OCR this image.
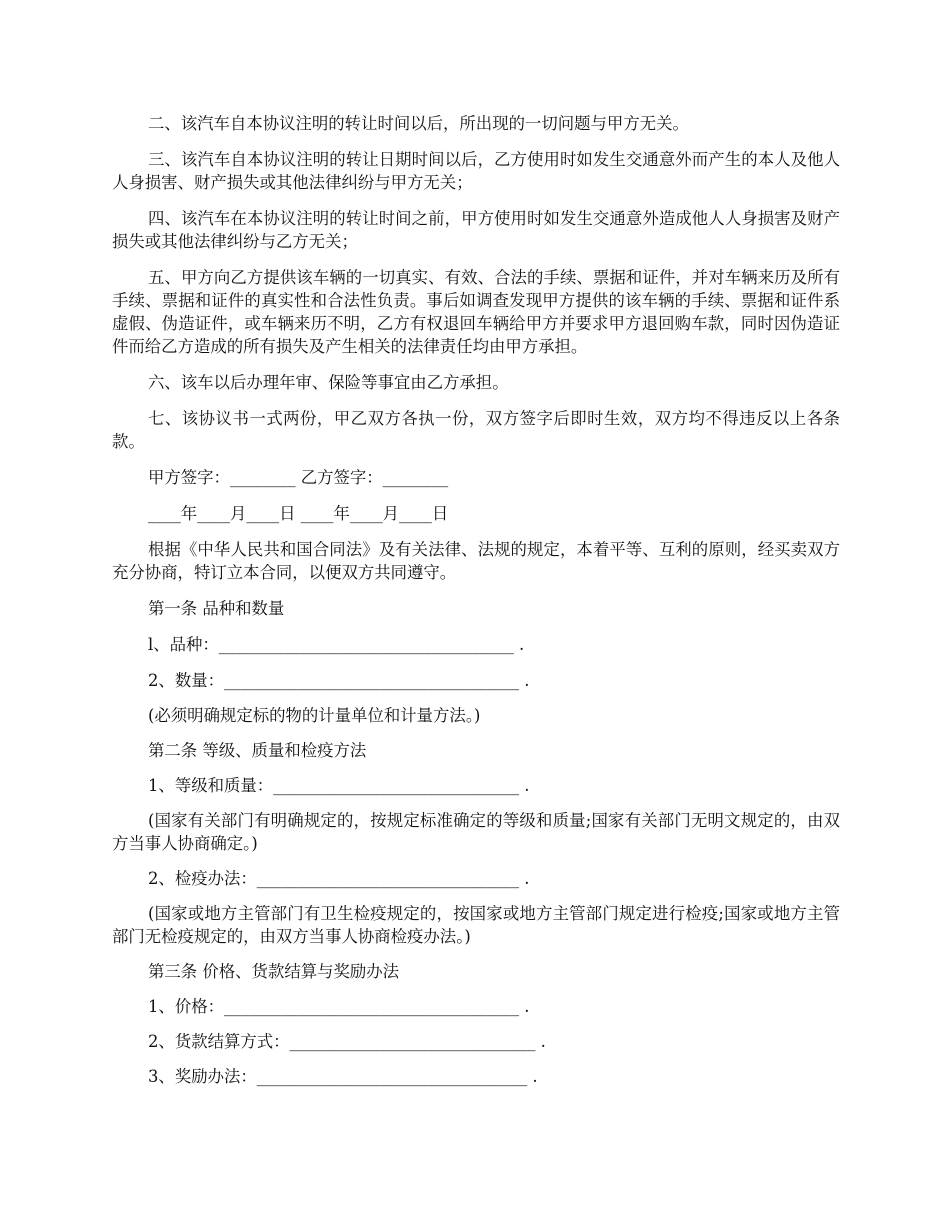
二、该汽车自本协议注明的转让时间以后，所出现的一切问题与甲方无关。

三、该汽车自本协议注明的转让日期时间以后，乙方使用时如发生交通意外而产生的本人及他人人身损害、财产损失或其他法律纠纷与甲方无关；

四、该汽车在本协议注明的转让时间之前，甲方使用时如发生交通意外造成他人人身损害及财产损失或其他法律纠纷与乙方无关；

五、甲方向乙方提供该车辆的一切真实、有效、合法的手续、票据和证件，并对车辆来历及所有手续、票据和证件的真实性和合法性负责。事后如调查发现甲方提供的该车辆的手续、票据和证件系虚假、伪造证件，或车辆来历不明，乙方有权退回车辆给甲方并要求甲方退回购车款，同时因伪造证件而给乙方造成的所有损失及产生相关的法律责任均由甲方承担。

六、该车以后办理年审、保险等事宜由乙方承担。

七、该协议书一式两份，甲乙双方各执一份，双方签字后即时生效，双方均不得违反以上各条款。

甲方签字：________ 乙方签字：________

____年____月____日 ____年____月____日

根据《中华人民共和国合同法》及有关法律、法规的规定，本着平等、互利的原则，经买卖双方充分协商，特订立本合同，以便双方共同遵守。

第一条 品种和数量

l、品种：____________________________________ .

2、数量：____________________________________ .

(必须明确规定标的物的计量单位和计量方法。)

第二条 等级、质量和检疫方法

1、等级和质量：______________________________ .

(国家有关部门有明确规定的，按规定标准确定的等级和质量;国家有关部门无明文规定的，由双方当事人协商确定。)

2、检疫办法：________________________________ .

(国家或地方主管部门有卫生检疫规定的，按国家或地方主管部门规定进行检疫;国家或地方主管部门无检疫规定的，由双方当事人协商检疫办法。)

第三条 价格、货款结算与奖励办法

1、价格：____________________________________ .

2、货款结算方式：______________________________ .

3、奖励办法：_________________________________ .
